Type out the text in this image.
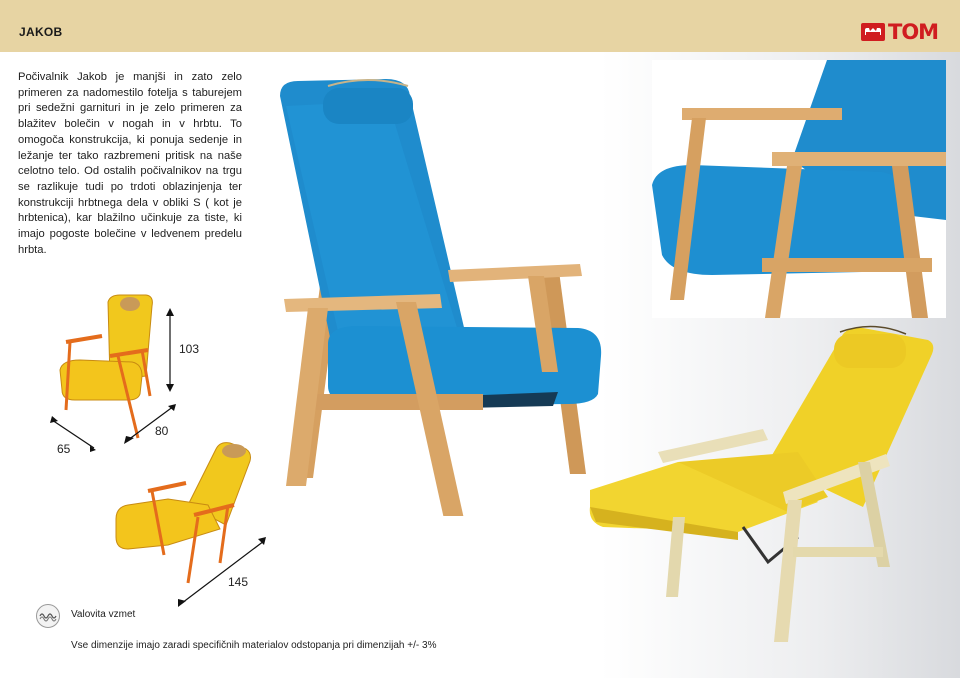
JAKOB	TOM
Počivalnik Jakob je manjši in zato zelo primeren za nadomestilo fotelja s taburejem pri sedežni garnituri in je zelo primeren za blažitev bolečin v nogah in v hrbtu. To omogoča konstrukcija, ki ponuja sedenje in ležanje ter tako razbremeni pritisk na naše celotno telo. Od ostalih počivalnikov na trgu se razlikuje tudi po trdoti oblazinjenja ter konstrukciji hrbtnega dela v obliki S ( kot je hrbtenica), kar blažilno učinkuje za tiste, ki imajo pogoste bolečine v ledvenem predelu hrbta.
103
80
65
145
Valovita vzmet
Vse dimenzije imajo zaradi specifičnih materialov odstopanja pri dimenzijah +/- 3%
